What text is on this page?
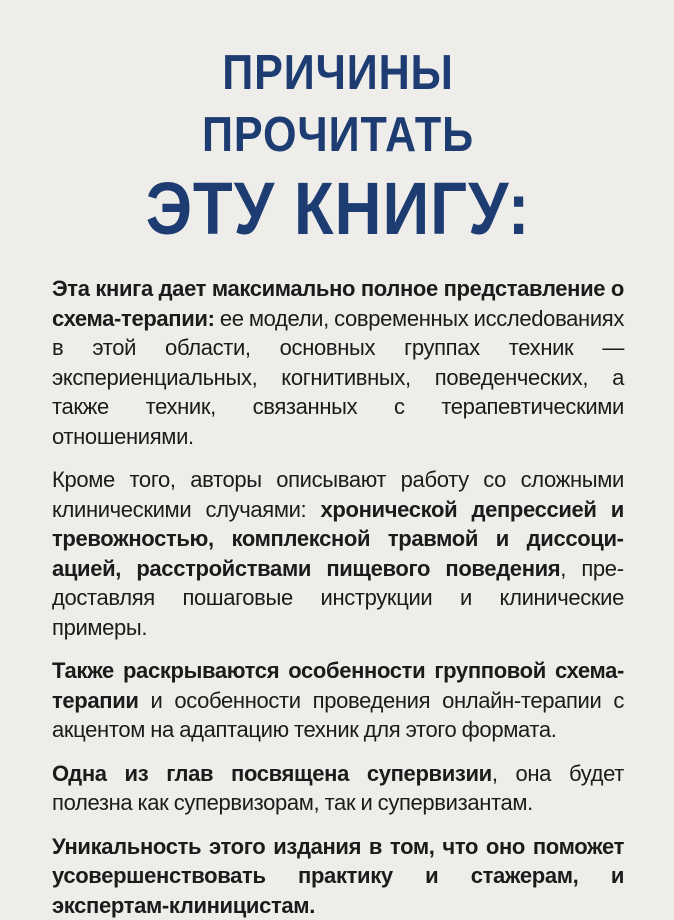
ПРИЧИНЫ ПРОЧИТАТЬ
ЭТУ КНИГУ:

Эта книга дает максимально полное представление о схема-терапии: ее модели, современных исслеdованиях в этой области, основных группах техник — экспериенциальных, когнитивных, поведенческих, а также техник, связанных с терапевтическими отношениями.

Кроме того, авторы описывают работу со сложными клиническими случаями: хронической депрессией и тревожностью, комплексной травмой и диссоциацией, расстройствами пищевого поведения, предоставляя пошаговые инструкции и клинические примеры.

Также раскрываются особенности групповой схема-терапии и особенности проведения онлайн-терапии с акцентом на адаптацию техник для этого формата.

Одна из глав посвящена супервизии, она будет полезна как супервизорам, так и супервизантам.

Уникальность этого издания в том, что оно поможет усовершенствовать практику и стажерам, и экспертам-клиницистам.
